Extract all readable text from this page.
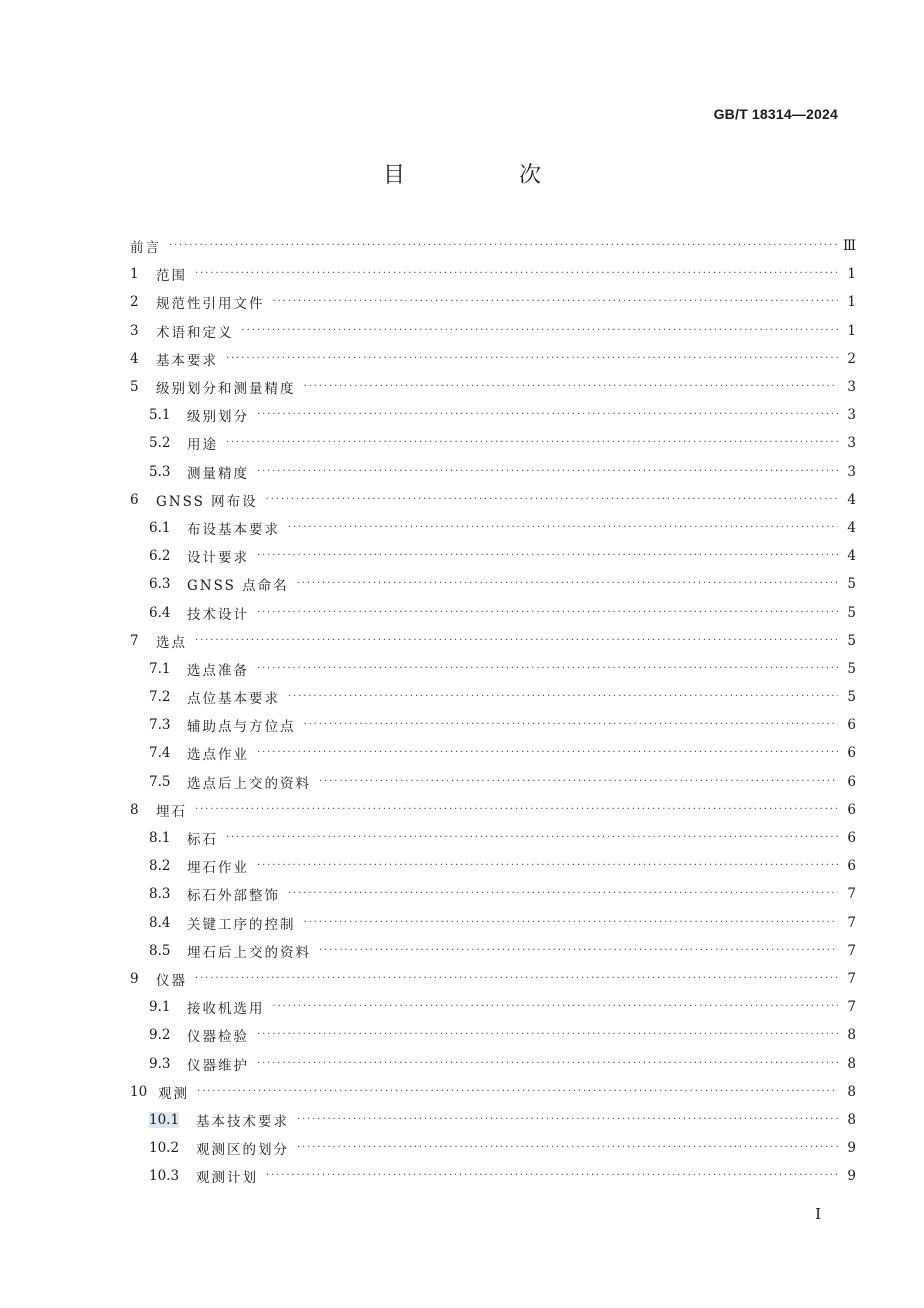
GB/T 18314—2024
目　次
前言 ·····	Ⅲ
1	范围 ·····	1
2	规范性引用文件 ·····	1
3	术语和定义 ·····	1
4	基本要求 ·····	2
5	级别划分和测量精度 ·····	3
5.1	级别划分 ·····	3
5.2	用途 ·····	3
5.3	测量精度 ·····	3
6	GNSS 网布设 ·····	4
6.1	布设基本要求 ·····	4
6.2	设计要求 ·····	4
6.3	GNSS 点命名 ·····	5
6.4	技术设计 ·····	5
7	选点 ·····	5
7.1	选点准备 ·····	5
7.2	点位基本要求 ·····	5
7.3	辅助点与方位点 ·····	6
7.4	选点作业 ·····	6
7.5	选点后上交的资料 ·····	6
8	埋石 ·····	6
8.1	标石 ·····	6
8.2	埋石作业 ·····	6
8.3	标石外部整饰 ·····	7
8.4	关键工序的控制 ·····	7
8.5	埋石后上交的资料 ·····	7
9	仪器 ·····	7
9.1	接收机选用 ·····	7
9.2	仪器检验 ·····	8
9.3	仪器维护 ·····	8
10 观测 ·····	8
10.1	基本技术要求 ·····	8
10.2	观测区的划分 ·····	9
10.3	观测计划 ·····	9
I
